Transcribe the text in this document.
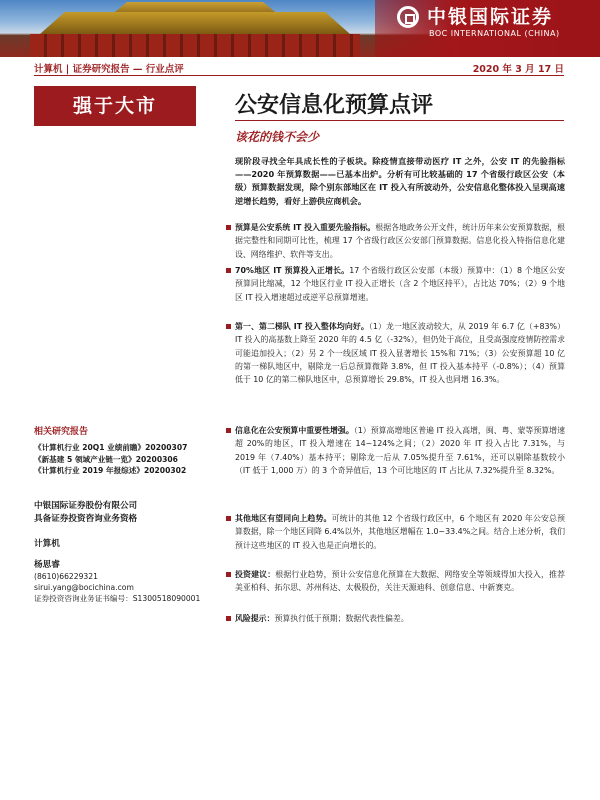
中银国际证券
BOC INTERNATIONAL (CHINA)
计算机 | 证券研究报告 — 行业点评	2020 年 3 月 17 日
强于大市
相关研究报告
《计算机行业 20Q1 业绩前瞻》20200307
《新基建 5 领域产业链一览》20200306
《计算机行业 2019 年报综述》20200302
中银国际证券股份有限公司
具备证券投资咨询业务资格
计算机
杨思睿
(8610)66229321
sirui.yang@bocichina.com
证券投资咨询业务证书编号：S1300518090001
公安信息化预算点评
该花的钱不会少
现阶段寻找全年具成长性的子板块。除疫情直接带动医疗 IT 之外，公安 IT 的先验指标——2020 年预算数据——已基本出炉。分析有可比较基础的 17 个省级行政区公安（本级）预算数据发现，除个别东部地区在 IT 投入有所波动外，公安信息化整体投入呈现高速逆增长趋势，看好上游供应商机会。
预算是公安系统 IT 投入重要先验指标。根据各地政务公开文件，统计历年来公安预算数据，根据完整性和同期可比性，梳理 17 个省级行政区公安部门预算数据。信息化投入特指信息化建设、网络维护、软件等支出。
70%地区 IT 预算投入正增长。17 个省级行政区公安部（本级）预算中：（1）8 个地区公安预算同比缩减，12 个地区行业 IT 投入正增长（含 2 个地区持平），占比达 70%；（2）9 个地区 IT 投入增速超过或逆平总预算增速。
第一、第二梯队 IT 投入整体均向好。（1）龙一地区波动较大，从 2019 年 6.7 亿（+83%）IT 投入的高基数上降至 2020 年的 4.5 亿（-32%），但仍处于高位，且受高强度疫情防控需求可能追加投入；（2）另 2 个一线区域 IT 投入显著增长 15%和 71%；（3）公安预算超 10 亿的第一梯队地区中，剔除龙一后总预算微降 3.8%，但 IT 投入基本持平（-0.8%）；（4）预算低于 10 亿的第二梯队地区中，总预算增长 29.8%，IT 投入也同增 16.3%。
信息化在公安预算中重要性增强。（1）预算高增地区普遍 IT 投入高增，闽、粤、蒙等预算增速超 20%的地区，IT 投入增速在 14~124%之间；（2）2020 年 IT 投入占比 7.31%，与 2019 年（7.40%）基本持平；剔除龙一后从 7.05%提升至 7.61%，还可以剔除基数较小（IT 低于 1,000 万）的 3 个奇异值后，13 个可比地区的 IT 占比从 7.32%提升至 8.32%。
其他地区有望同向上趋势。可统计的其他 12 个省级行政区中，6 个地区有 2020 年公安总预算数据，除一个地区同降 6.4%以外，其他地区增幅在 1.0~33.4%之间。结合上述分析，我们预计这些地区的 IT 投入也是正向增长的。
投资建议：根据行业趋势，预计公安信息化预算在大数据、网络安全等领域得加大投入，推荐美亚柏科、拓尔思、苏州科达、太极股份，关注天源迪科、创意信息、中新赛克。
风险提示：预算执行低于预期；数据代表性偏差。
